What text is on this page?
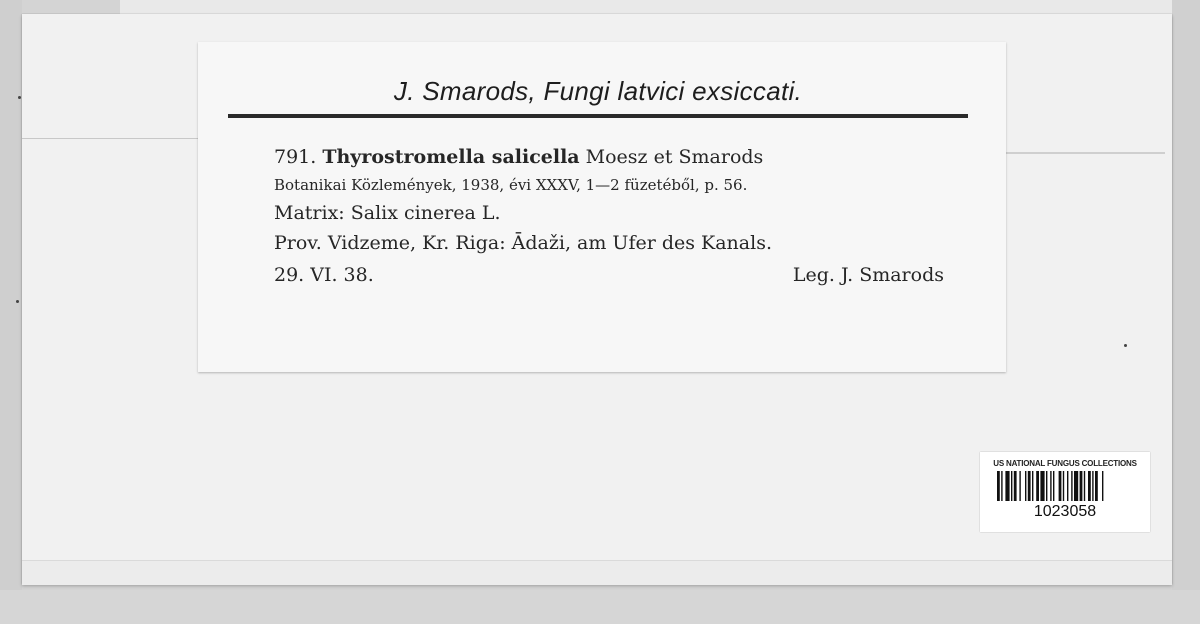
J. Smarods, Fungi latvici exsiccati.
791. Thyrostromella salicella Moesz et Smarods
Botanikai Közlemények, 1938, évi XXXV, 1—2 füzetéből, p. 56.
Matrix: Salix cinerea L.
Prov. Vidzeme, Kr. Riga: Ādaži, am Ufer des Kanals.
29. VI. 38.	Leg. J. Smarods
US NATIONAL FUNGUS COLLECTIONS
1023058
